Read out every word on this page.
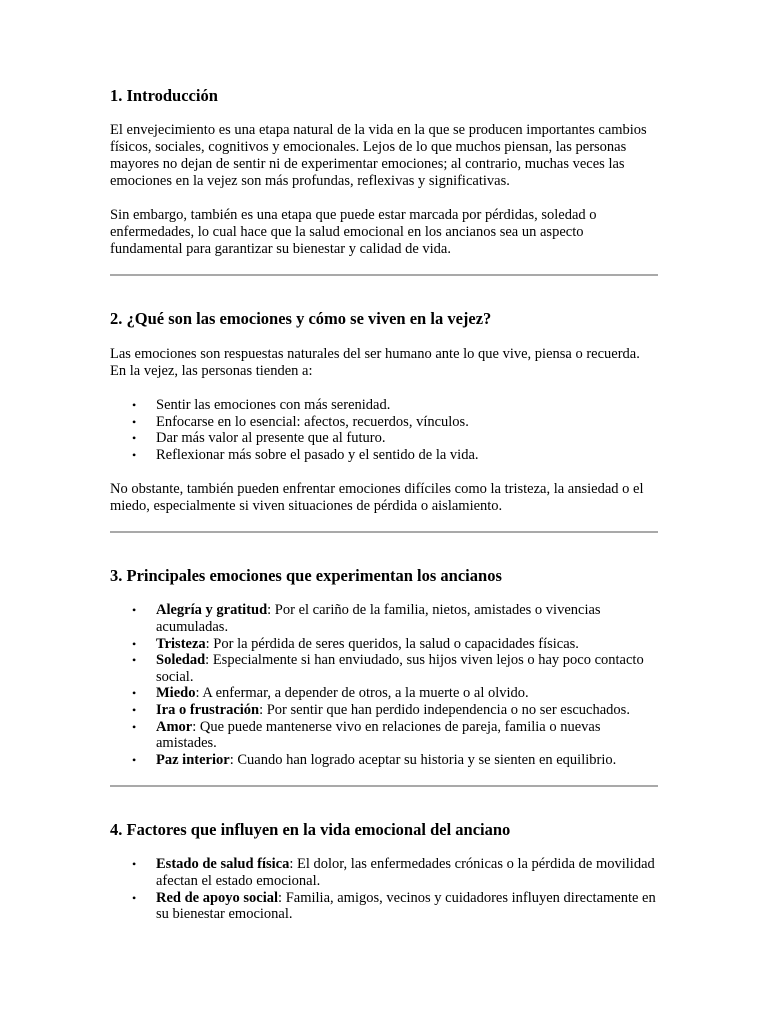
1. Introducción

El envejecimiento es una etapa natural de la vida en la que se producen importantes cambios físicos, sociales, cognitivos y emocionales. Lejos de lo que muchos piensan, las personas mayores no dejan de sentir ni de experimentar emociones; al contrario, muchas veces las emociones en la vejez son más profundas, reflexivas y significativas.

Sin embargo, también es una etapa que puede estar marcada por pérdidas, soledad o enfermedades, lo cual hace que la salud emocional en los ancianos sea un aspecto fundamental para garantizar su bienestar y calidad de vida.

2. ¿Qué son las emociones y cómo se viven en la vejez?

Las emociones son respuestas naturales del ser humano ante lo que vive, piensa o recuerda. En la vejez, las personas tienden a:

• Sentir las emociones con más serenidad.
• Enfocarse en lo esencial: afectos, recuerdos, vínculos.
• Dar más valor al presente que al futuro.
• Reflexionar más sobre el pasado y el sentido de la vida.

No obstante, también pueden enfrentar emociones difíciles como la tristeza, la ansiedad o el miedo, especialmente si viven situaciones de pérdida o aislamiento.

3. Principales emociones que experimentan los ancianos
• Alegría y gratitud: Por el cariño de la familia, nietos, amistades o vivencias acumuladas.
• Tristeza: Por la pérdida de seres queridos, la salud o capacidades físicas.
• Soledad: Especialmente si han enviudado, sus hijos viven lejos o hay poco contacto social.
• Miedo: A enfermar, a depender de otros, a la muerte o al olvido.
• Ira o frustración: Por sentir que han perdido independencia o no ser escuchados.
• Amor: Que puede mantenerse vivo en relaciones de pareja, familia o nuevas amistades.
• Paz interior: Cuando han logrado aceptar su historia y se sienten en equilibrio.
4. Factores que influyen en la vida emocional del anciano
• Estado de salud física: El dolor, las enfermedades crónicas o la pérdida de movilidad afectan el estado emocional.
• Red de apoyo social: Familia, amigos, vecinos y cuidadores influyen directamente en su bienestar emocional.
